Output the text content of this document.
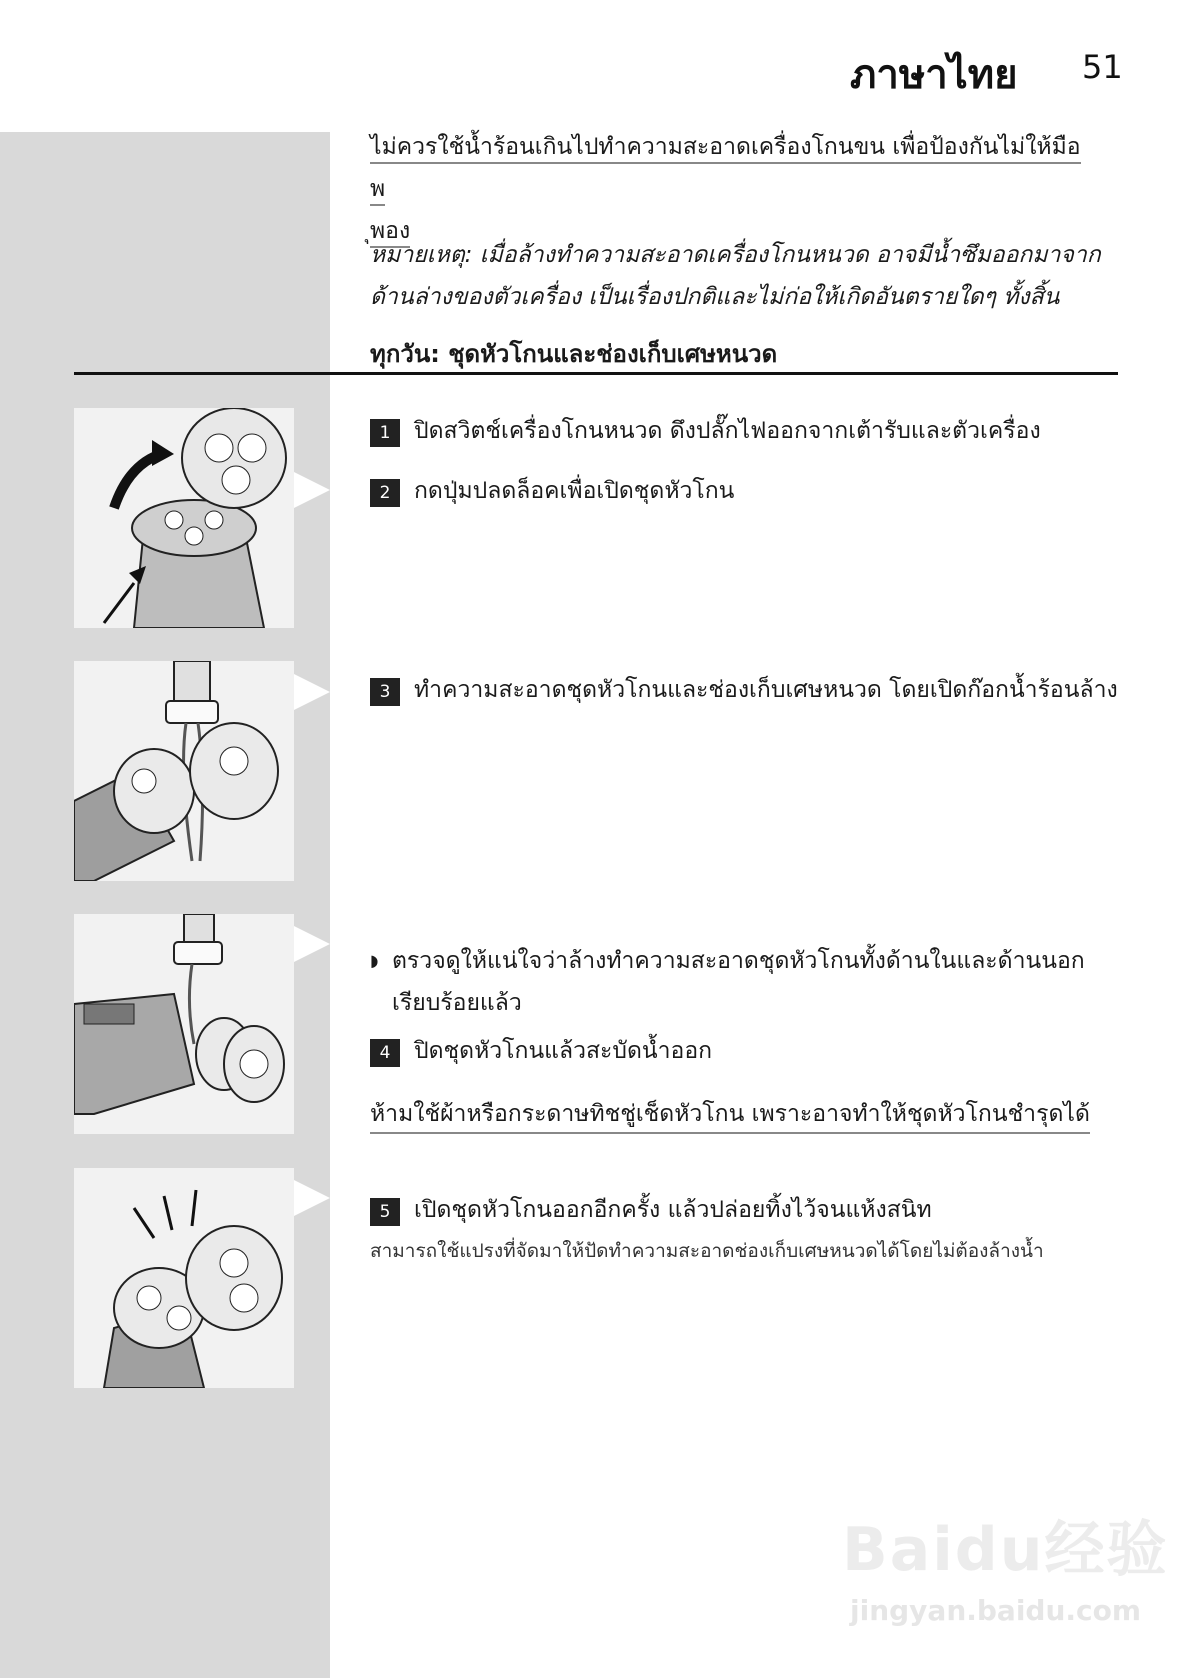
ภาษาไทย 51
ไม่ควรใช้น้ำร้อนเกินไปทำความสะอาดเครื่องโกนขน เพื่อป้องกันไม่ให้มือพ
ุพอง
หมายเหตุ: เมื่อล้างทำความสะอาดเครื่องโกนหนวด อาจมีน้ำซึมออกมาจากด้านล่างของตัวเครื่อง เป็นเรื่องปกติและไม่ก่อให้เกิดอันตรายใดๆ ทั้งสิ้น
ทุกวัน: ชุดหัวโกนและช่องเก็บเศษหนวด
1	ปิดสวิตช์เครื่องโกนหนวด ดึงปลั๊กไฟออกจากเต้ารับและตัวเครื่อง
2	กดปุ่มปลดล็อคเพื่อเปิดชุดหัวโกน
3	ทำความสะอาดชุดหัวโกนและช่องเก็บเศษหนวด โดยเปิดก๊อกน้ำร้อนล้าง
◗ ตรวจดูให้แน่ใจว่าล้างทำความสะอาดชุดหัวโกนทั้งด้านในและด้านนอกเรียบร้อยแล้ว
4	ปิดชุดหัวโกนแล้วสะบัดน้ำออก
ห้ามใช้ผ้าหรือกระดาษทิชชู่เช็ดหัวโกน เพราะอาจทำให้ชุดหัวโกนชำรุดได้
5	เปิดชุดหัวโกนออกอีกครั้ง แล้วปล่อยทิ้งไว้จนแห้งสนิท
สามารถใช้แปรงที่จัดมาให้ปัดทำความสะอาดช่องเก็บเศษหนวดได้โดยไม่ต้องล้างน้ำ
Baidu经验
jingyan.baidu.com
